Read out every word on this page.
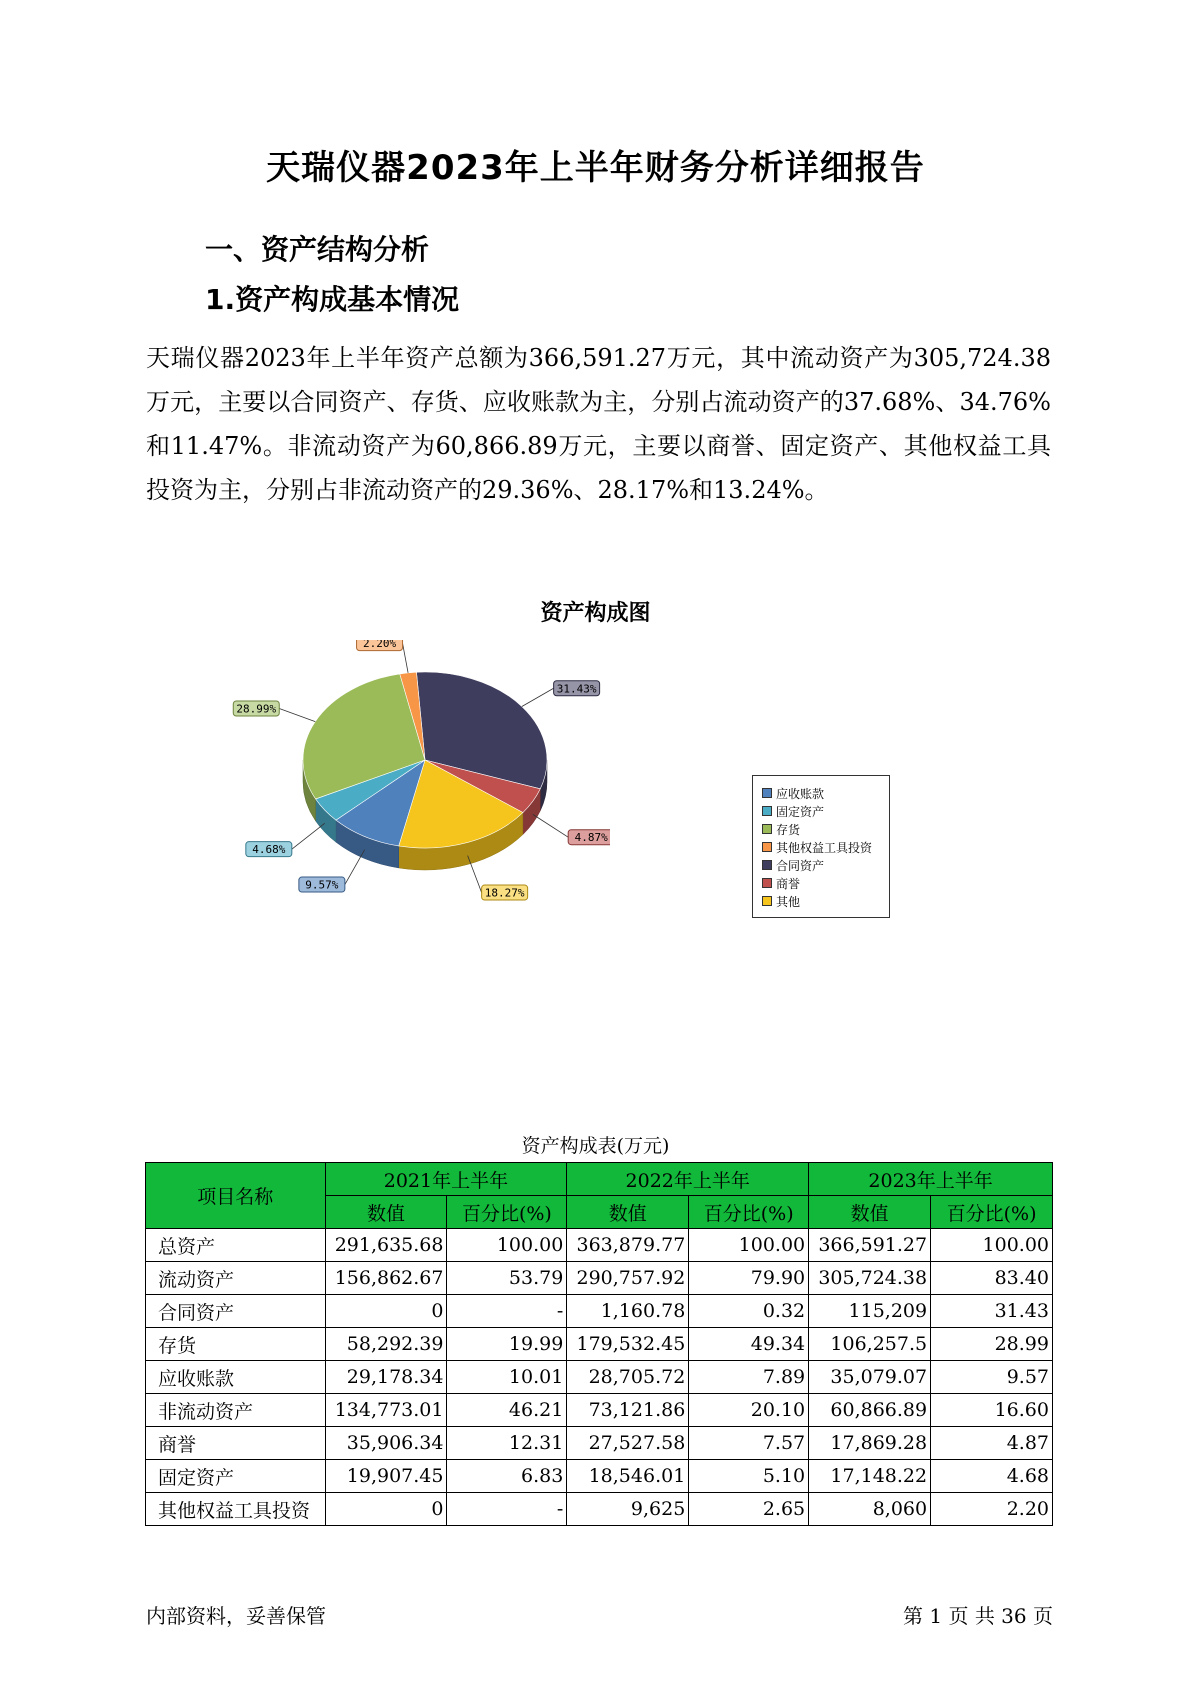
天瑞仪器2023年上半年财务分析详细报告
一、资产结构分析
1.资产构成基本情况
天瑞仪器2023年上半年资产总额为366,591.27万元，其中流动资产为305,724.38万元，主要以合同资产、存货、应收账款为主，分别占流动资产的37.68%、34.76%和11.47%。非流动资产为60,866.89万元，主要以商誉、固定资产、其他权益工具投资为主，分别占非流动资产的29.36%、28.17%和13.24%。
资产构成图
31.43%
4.87%
18.27%
9.57%
4.68%
28.99%
2.20%
应收账款
固定资产
存货
其他权益工具投资
合同资产
商誉
其他
资产构成表(万元)
项目名称	2021年上半年		2022年上半年		2023年上半年	
	数值	百分比(%)	数值	百分比(%)	数值	百分比(%)
总资产	291,635.68	100.00	363,879.77	100.00	366,591.27	100.00
流动资产	156,862.67	53.79	290,757.92	79.90	305,724.38	83.40
合同资产	0	-	1,160.78	0.32	115,209	31.43
存货	58,292.39	19.99	179,532.45	49.34	106,257.5	28.99
应收账款	29,178.34	10.01	28,705.72	7.89	35,079.07	9.57
非流动资产	134,773.01	46.21	73,121.86	20.10	60,866.89	16.60
商誉	35,906.34	12.31	27,527.58	7.57	17,869.28	4.87
固定资产	19,907.45	6.83	18,546.01	5.10	17,148.22	4.68
其他权益工具投资	0	-	9,625	2.65	8,060	2.20
内部资料，妥善保管	第 1 页 共 36 页
